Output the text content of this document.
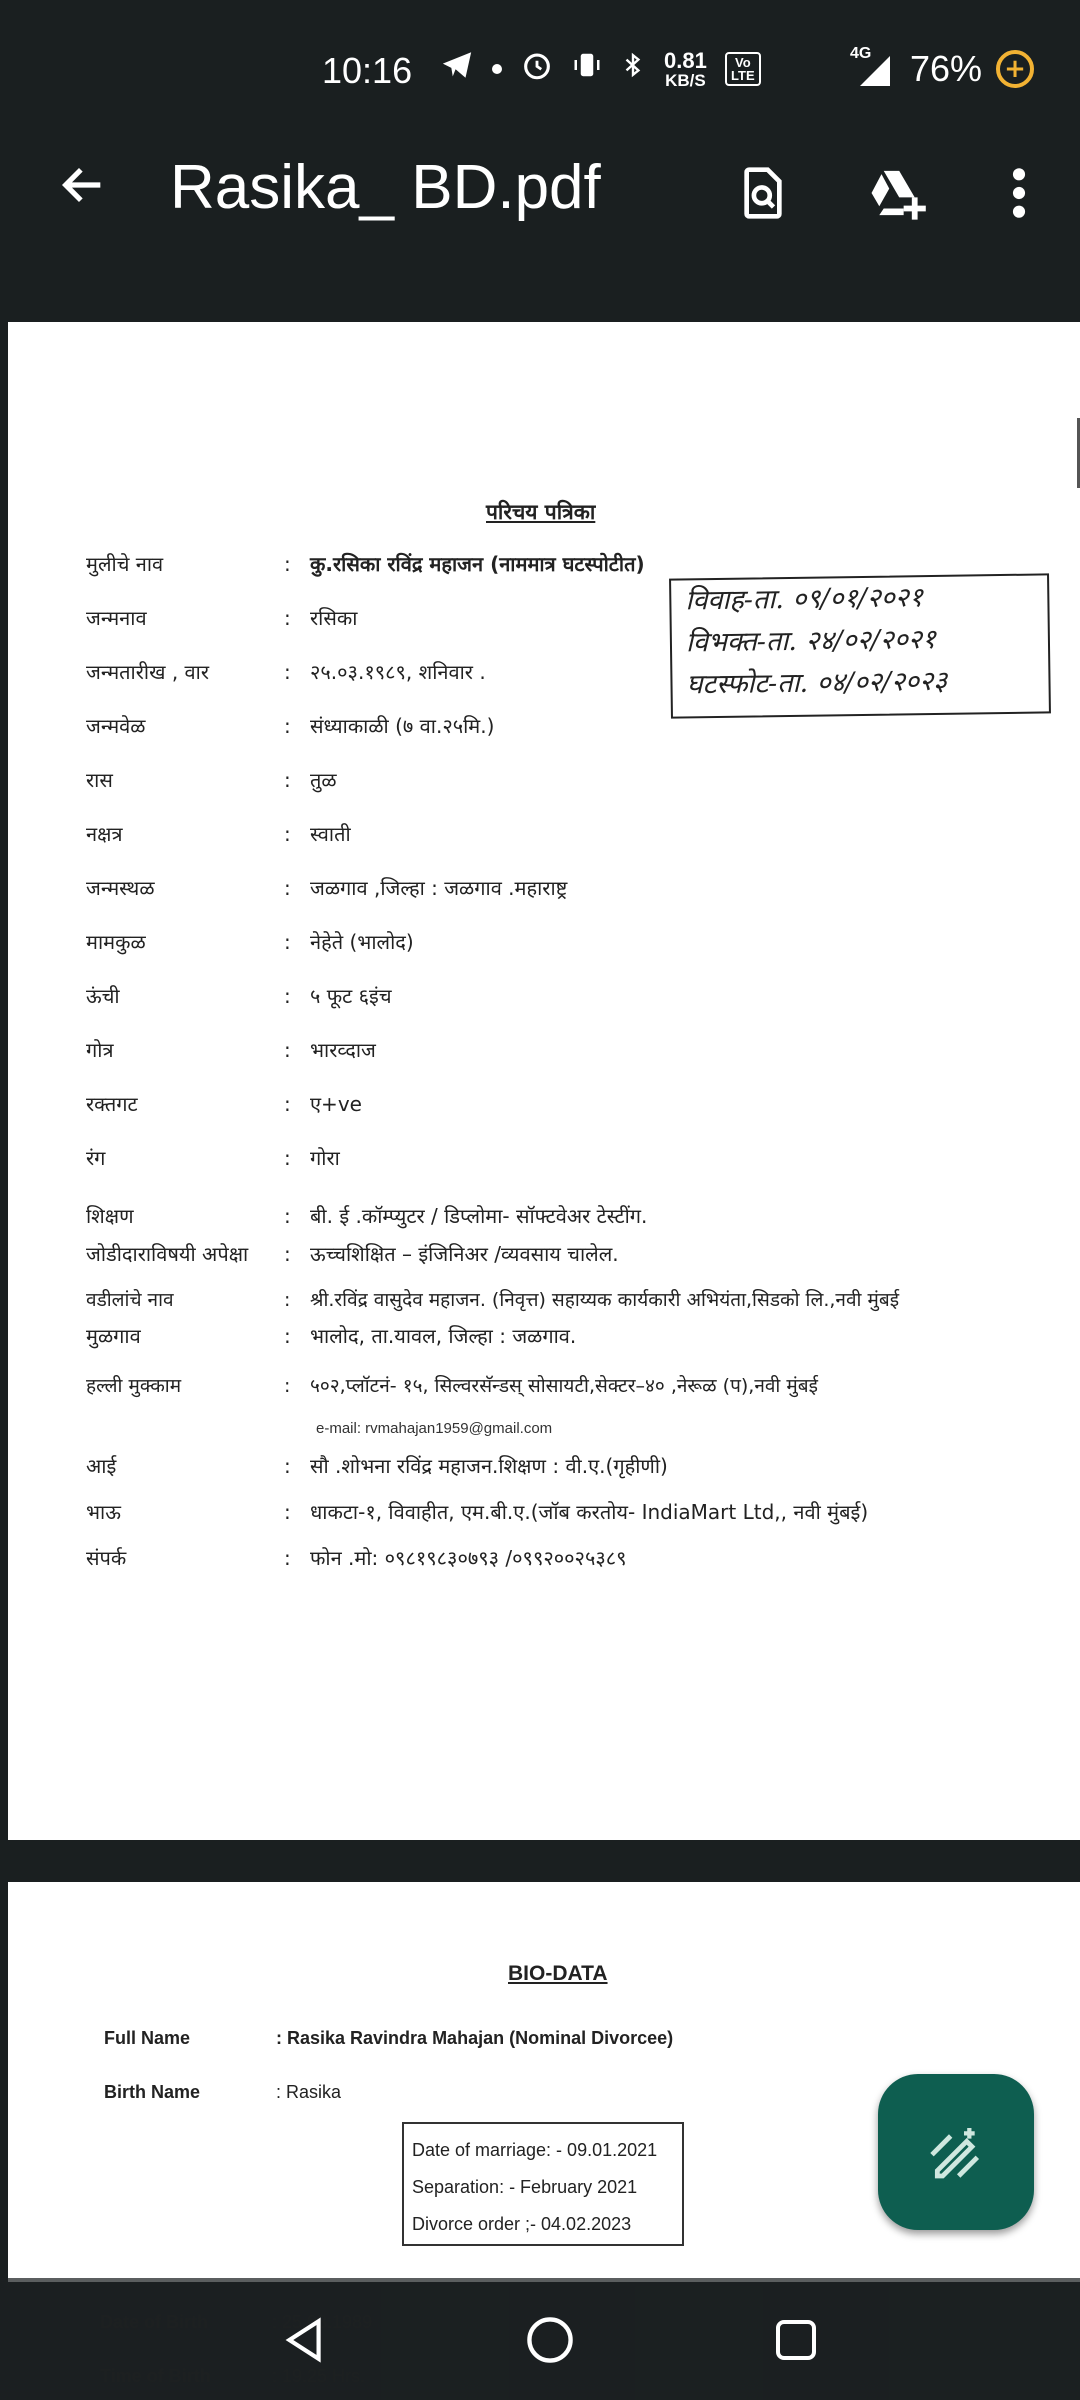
10:16	0.81
KB/S
Vo LTE
4G 76% +
Rasika_ BD.pdf
परिचय पत्रिका
मुलीचे नाव	: कु.रसिका रविंद्र महाजन (नाममात्र घटस्पोटीत)
जन्मनाव	: रसिका
जन्मतारीख , वार	: २५.०३.१९८९, शनिवार .
जन्मवेळ	: संध्याकाळी (७ वा.२५मि.)
रास	: तुळ
नक्षत्र	: स्वाती
जन्मस्थळ	: जळगाव ,जिल्हा : जळगाव .महाराष्ट्र
मामकुळ	: नेहेते (भालोद)
ऊंची	: ५ फूट ६इंच
गोत्र	: भारव्दाज
रक्तगट	: ए+ve
रंग	: गोरा
शिक्षण	: बी. ई .कॉम्प्युटर / डिप्लोमा- सॉफ्टवेअर टेस्टींग.
जोडीदाराविषयी अपेक्षा : ऊच्चशिक्षित – इंजिनिअर /व्यवसाय चालेल.
वडीलांचे नाव	: श्री.रविंद्र वासुदेव महाजन. (निवृत्त) सहाय्यक कार्यकारी अभियंता,सिडको लि.,नवी मुंबई
मुळगाव	: भालोद, ता.यावल, जिल्हा : जळगाव.
हल्ली मुक्काम	: ५०२,प्लॉटनं- १५, सिल्वरसॅन्डस् सोसायटी,सेक्टर–४० ,नेरूळ (प),नवी मुंबई
e-mail: rvmahajan1959@gmail.com
आई	: सौ .शोभना रविंद्र महाजन.शिक्षण : वी.ए.(गृहीणी)
भाऊ	: धाकटा-१, विवाहीत, एम.बी.ए.(जॉब करतोय- IndiaMart Ltd,, नवी मुंबई)
संपर्क	: फोन .मो: ०९८१९८३०७९३ /०९९२००२५३८९
विवाह-ता. ०९/०१/२०२१
विभक्त-ता. २४/०२/२०२१
घटस्फोट-ता. ०४/०२/२०२३
BIO-DATA
Full Name	: Rasika Ravindra Mahajan (Nominal Divorcee)
Birth Name	: Rasika
Date of marriage: - 09.01.2021
Separation: - February 2021
Divorce order ;- 04.02.2023
